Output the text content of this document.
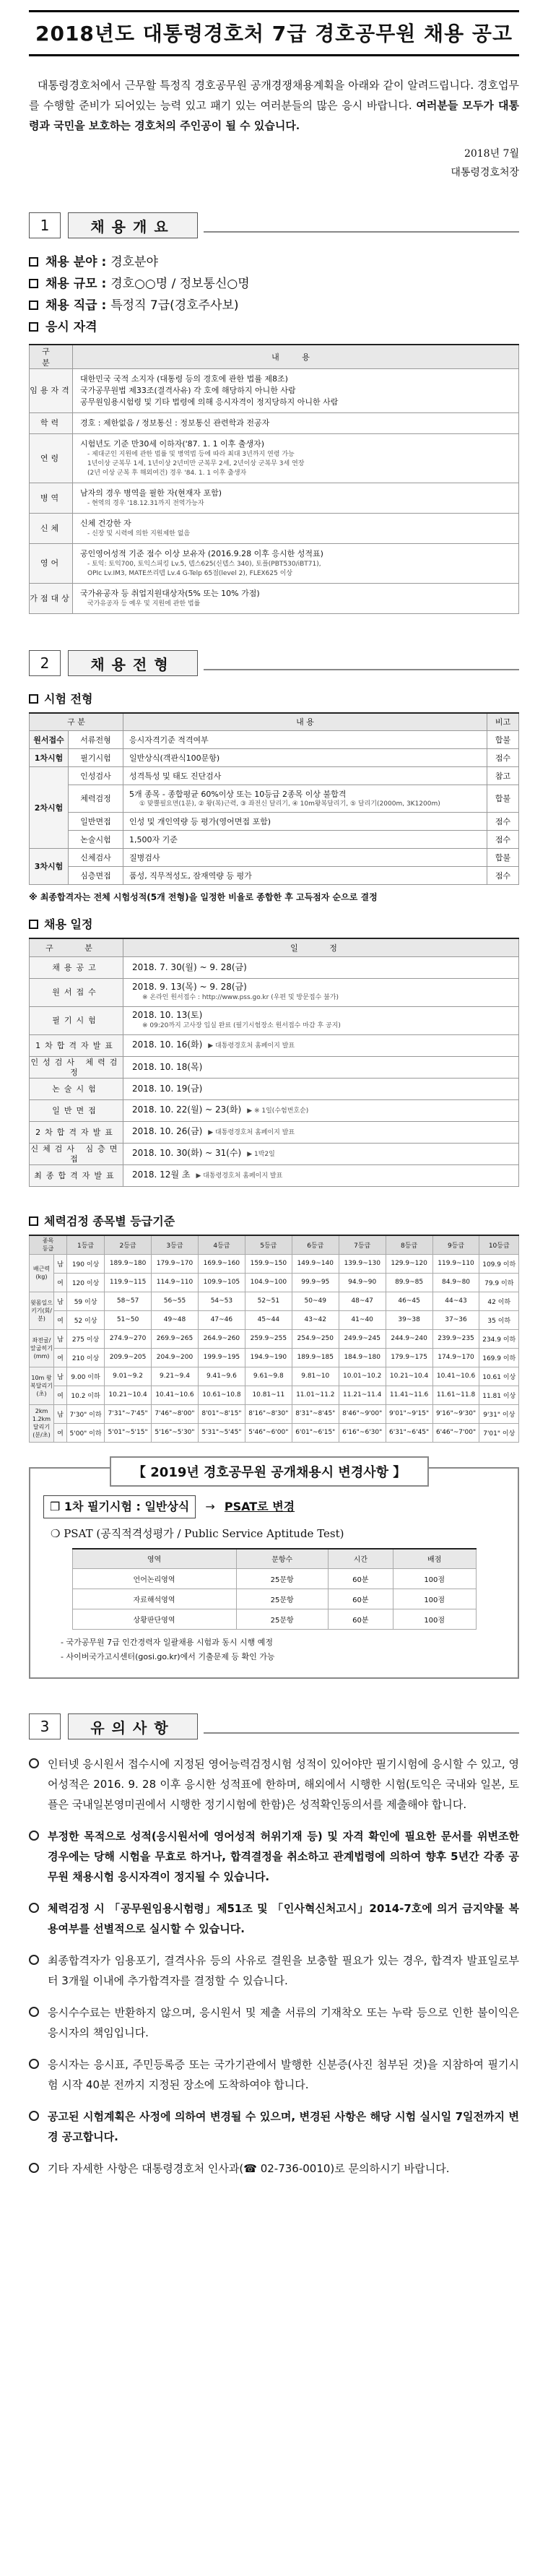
2018년도 대통령경호처 7급 경호공무원 채용 공고

대통령경호처에서 근무할 특정직 경호공무원 공개경쟁채용계획을 아래와 같이 알려드립니다. 경호업무를 수행할 준비가 되어있는 능력 있고 패기 있는 여러분들의 많은 응시 바랍니다. 여러분들 모두가 대통령과 국민을 보호하는 경호처의 주인공이 될 수 있습니다.

2018년 7월
대통령경호처장
1	채용개요
채용 분야 : 경호분야
채용 규모 : 경호○○명 / 정보통신○명
채용 직급 : 특정직 7급(경호주사보)
응시 자격
구 분	내 용
임용자격	대한민국 국적 소지자 (대통령 등의 경호에 관한 법률 제8조)
국가공무원법 제33조(결격사유) 각 호에 해당하지 아니한 사람
공무원임용시험령 및 기타 법령에 의해 응시자격이 정지당하지 아니한 사람

학력	경호 : 제한없음 / 정보통신 : 정보통신 관련학과 전공자

연령	시험년도 기준 만30세 이하자('87. 1. 1 이후 출생자)
- 제대군인 지원에 관한 법률 및 병역법 등에 따라 최대 3년까지 연령 가능
1년이상 군복무 1세, 1년이상 2년미만 군복무 2세, 2년이상 군복무 3세 연장
(2년 이상 군복 후 해외여건) 경우 '84. 1. 1 이후 출생자

병역	남자의 경우 병역을 필한 자(현재자 포함)
- 현역의 경우 '18.12.31까지 전역가능자

신체	신체 건강한 자
- 신장 및 시력에 의한 지원제한 없음

영어	공인영어성적 기준 점수 이상 보유자 (2016.9.28 이후 응시한 성적표)
- 토익: 토익700, 토익스피킹 Lv.5, 텝스625(신텝스 340), 토플(PBT530/iBT71),
OPIc Lv.IM3, MATE쓰리텝 Lv.4 G-Telp 65점(level 2), FLEX625 이상

가점대상	국가유공자 등 취업지원대상자(5% 또는 10% 가점)
국가유공자 등 예우 및 지원에 관한 법률
2	채용전형
시험 전형
구 분		내 용	비고
원서접수	서류전형	응시자격기준 적격여부	합불
1차시험	필기시험	일반상식(객관식100문항)	점수
2차시험	인성검사	성격특성 및 태도 진단검사	참고
	체력검정	5개 종목 - 종합평균 60%이상 또는 10등급 2종목 이상 불합격
① 맞뿔필요면(1분), ② 왕(복)근력, ③ 좌전신 달리기, ④ 10m왕복달리기, ⑤ 달리기(2000m, 3K1200m)	합불
	일반면접	인성 및 개인역량 등 평가(영어면접 포함)	점수
	논술시험	1,500자 기준	점수
3차시험	신체검사	질병검사	합불
	심층면접	품성, 직무적성도, 잠재역량 등 평가	점수
※ 최종합격자는 전체 시험성적(5개 전형)을 일정한 비율로 종합한 후 고득점자 순으로 결정
채용 일정
구 분	일 정
채용공고	2018. 7. 30(월) ~ 9. 28(금)
원서접수	2018. 9. 13(목) ~ 9. 28(금)
※ 온라인 원서접수 : http://www.pss.go.kr (우편 및 방문접수 불가)

필기시험	2018. 10. 13(토)
※ 09:20까지 고사장 입실 완료 (필기시험장소 원서접수 마감 후 공지)

1차합격자발표	2018. 10. 16(화) ▶ 대통령경호처 홈페이지 발표
인성검사 체력검정	2018. 10. 18(목)
논술시험	2018. 10. 19(금)
일반면접	2018. 10. 22(월) ~ 23(화) ▶ ※ 1일(수험번호순)
2차합격자발표	2018. 10. 26(금) ▶ 대통령경호처 홈페이지 발표
신체검사 심층면접	2018. 10. 30(화) ~ 31(수) ▶ 1박2일
최종합격자발표	2018. 12월 초 ▶ 대통령경호처 홈페이지 발표
체력검정 종목별 등급기준
종목
등급		1등급	2등급	3등급	4등급	5등급	6등급	7등급	8등급	9등급	10등급
배근력(kg)	남	190 이상	189.9~180	179.9~170	169.9~160	159.9~150	149.9~140	139.9~130	129.9~120	119.9~110	109.9 이하
	여	120 이상	119.9~115	114.9~110	109.9~105	104.9~100	99.9~95	94.9~90	89.9~85	84.9~80	79.9 이하
윗몸일으키기(회/분)	남	59 이상	58~57	56~55	54~53	52~51	50~49	48~47	46~45	44~43	42 이하
	여	52 이상	51~50	49~48	47~46	45~44	43~42	41~40	39~38	37~36	35 이하
좌전굴/앞굽히기(mm)	남	275 이상	274.9~270	269.9~265	264.9~260	259.9~255	254.9~250	249.9~245	244.9~240	239.9~235	234.9 이하
	여	210 이상	209.9~205	204.9~200	199.9~195	194.9~190	189.9~185	184.9~180	179.9~175	174.9~170	169.9 이하
10m 왕복달리기(초)	남	9.00 이하	9.01~9.2	9.21~9.4	9.41~9.6	9.61~9.8	9.81~10	10.01~10.2	10.21~10.4	10.41~10.6	10.61 이상
	여	10.2 이하	10.21~10.4	10.41~10.6	10.61~10.8	10.81~11	11.01~11.2	11.21~11.4	11.41~11.6	11.61~11.8	11.81 이상
2km 1.2km 달리기(분/초)	남	7'30" 이하	7'31"~7'45"	7'46"~8'00"	8'01"~8'15"	8'16"~8'30"	8'31"~8'45"	8'46"~9'00"	9'01"~9'15"	9'16"~9'30"	9'31" 이상
	여	5'00" 이하	5'01"~5'15"	5'16"~5'30"	5'31"~5'45"	5'46"~6'00"	6'01"~6'15"	6'16"~6'30"	6'31"~6'45"	6'46"~7'00"	7'01" 이상
【 2019년 경호공무원 공개채용시 변경사항 】
❒ 1차 필기시험 : 일반상식 → PSAT로 변경
❍ PSAT (공직적격성평가 / Public Service Aptitude Test)
영역	문항수	시간	배점
언어논리영역	25문항	60분	100점
자료해석영역	25문항	60분	100점
상황판단영역	25문항	60분	100점
- 국가공무원 7급 인간경력자 일괄채용 시험과 동시 시행 예정
- 사이버국가고시센터(gosi.go.kr)에서 기출문제 등 확인 가능
3	유의사항
인터넷 응시원서 접수시에 지정된 영어능력검정시험 성적이 있어야만 필기시험에 응시할 수 있고, 영어성적은 2016. 9. 28 이후 응시한 성적표에 한하며, 해외에서 시행한 시험(토익은 국내와 일본, 토플은 국내일본영미권에서 시행한 정기시험에 한함)은 성적확인동의서를 제출해야 합니다.
부정한 목적으로 성적(응시원서에 영어성적 허위기재 등) 및 자격 확인에 필요한 문서를 위변조한 경우에는 당해 시험을 무효로 하거나, 합격결정을 취소하고 관계법령에 의하여 향후 5년간 각종 공무원 채용시험 응시자격이 정지될 수 있습니다.
체력검정 시 「공무원임용시험령」제51조 및 「인사혁신처고시」2014-7호에 의거 금지약물 복용여부를 선별적으로 실시할 수 있습니다.
최종합격자가 임용포기, 결격사유 등의 사유로 결원을 보충할 필요가 있는 경우, 합격자 발표일로부터 3개월 이내에 추가합격자를 결정할 수 있습니다.
응시수수료는 반환하지 않으며, 응시원서 및 제출 서류의 기재착오 또는 누락 등으로 인한 불이익은 응시자의 책임입니다.
응시자는 응시표, 주민등록증 또는 국가기관에서 발행한 신분증(사진 첨부된 것)을 지참하여 필기시험 시작 40분 전까지 지정된 장소에 도착하여야 합니다.
공고된 시험계획은 사정에 의하여 변경될 수 있으며, 변경된 사항은 해당 시험 실시일 7일전까지 변경 공고합니다.
기타 자세한 사항은 대통령경호처 인사과(☎ 02-736-0010)로 문의하시기 바랍니다.
